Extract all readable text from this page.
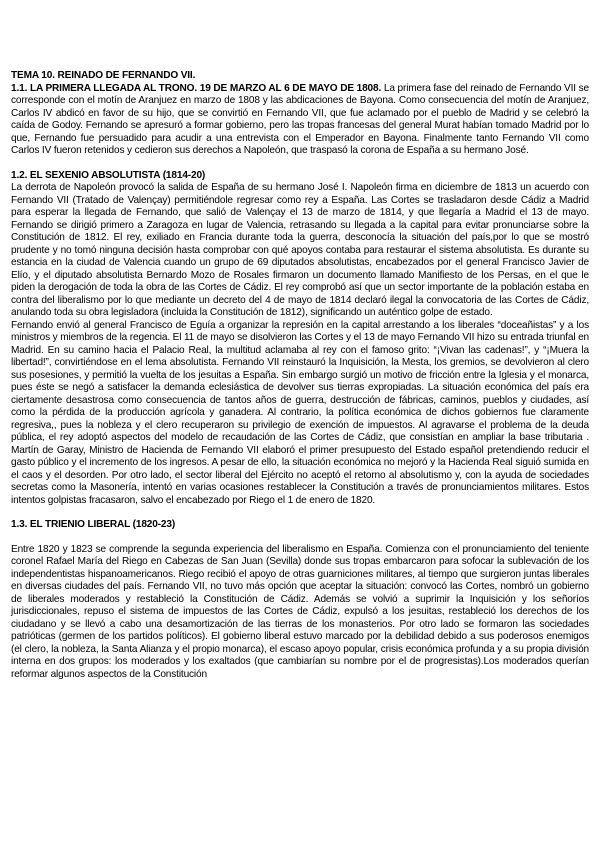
TEMA 10. REINADO DE FERNANDO VII.

1.1. LA PRIMERA LLEGADA AL TRONO. 19 DE MARZO AL 6 DE MAYO DE 1808. La primera fase del reinado de Fernando VII se corresponde con el motín de Aranjuez en marzo de 1808 y las abdicaciones de Bayona. Como consecuencia del motín de Aranjuez, Carlos IV abdicó en favor de su hijo, que se convirtió en Fernando VII, que fue aclamado por el pueblo de Madrid y se celebró la caída de Godoy. Fernando se apresuró a formar gobierno, pero las tropas francesas del general Murat habían tomado Madrid por lo que, Fernando fue persuadido para acudir a una entrevista con el Emperador en Bayona. Finalmente tanto Fernando VII como Carlos IV fueron retenidos y cedieron sus derechos a Napoleón, que traspasó la corona de España a su hermano José.

1.2. EL SEXENIO ABSOLUTISTA (1814-20)

La derrota de Napoleón provocó la salida de España de su hermano José I. Napoleón firma en diciembre de 1813 un acuerdo con Fernando VII (Tratado de Valençay) permitiéndole regresar como rey a España. Las Cortes se trasladaron desde Cádiz a Madrid para esperar la llegada de Fernando, que salió de Valençay el 13 de marzo de 1814, y que llegaría a Madrid el 13 de mayo. Fernando se dirigió primero a Zaragoza en lugar de Valencia, retrasando su llegada a la capital para evitar pronunciarse sobre la Constitución de 1812. El rey, exiliado en Francia durante toda la guerra, desconocía la situación del país,por lo que se mostró prudente y no tomó ninguna decisión hasta comprobar con qué apoyos contaba para restaurar el sistema absolutista. Es durante su estancia en la ciudad de Valencia cuando un grupo de 69 diputados absolutistas, encabezados por el general Francisco Javier de Elío, y el diputado absolutista Bernardo Mozo de Rosales firmaron un documento llamado Manifiesto de los Persas, en el que le piden la derogación de toda la obra de las Cortes de Cádiz. El rey comprobó así que un sector importante de la población estaba en contra del liberalismo por lo que mediante un decreto del 4 de mayo de 1814 declaró ilegal la convocatoria de las Cortes de Cádiz, anulando toda su obra legisladora (incluida la Constitución de 1812), significando un auténtico golpe de estado.

Fernando envió al general Francisco de Eguía a organizar la represión en la capital arrestando a los liberales “doceañistas” y a los ministros y miembros de la regencia. El 11 de mayo se disolvieron las Cortes y el 13 de mayo Fernando VII hizo su entrada triunfal en Madrid. En su camino hacia el Palacio Real, la multitud aclamaba al rey con el famoso grito: “¡Vivan las cadenas!”, y “¡Muera la libertad!”, convirtiéndose en el lema absolutista. Fernando VII reinstauró la Inquisición, la Mesta, los gremios, se devolvieron al clero sus posesiones, y permitió la vuelta de los jesuitas a España. Sin embargo surgió un motivo de fricción entre la Iglesia y el monarca, pues éste se negó a satisfacer la demanda eclesiástica de devolver sus tierras expropiadas. La situación económica del país era ciertamente desastrosa como consecuencia de tantos años de guerra, destrucción de fábricas, caminos, pueblos y ciudades, así como la pérdida de la producción agrícola y ganadera. Al contrario, la política económica de dichos gobiernos fue claramente regresiva,, pues la nobleza y el clero recuperaron su privilegio de exención de impuestos. Al agravarse el problema de la deuda pública, el rey adoptó aspectos del modelo de recaudación de las Cortes de Cádiz, que consistían en ampliar la base tributaria . Martín de Garay, Ministro de Hacienda de Fernando VII elaboró el primer presupuesto del Estado español pretendiendo reducir el gasto público y el incremento de los ingresos. A pesar de ello, la situación económica no mejoró y la Hacienda Real siguió sumida en el caos y el desorden. Por otro lado, el sector liberal del Ejército no aceptó el retorno al absolutismo y, con la ayuda de sociedades secretas como la Masonería, intentó en varias ocasiones restablecer la Constitución a través de pronunciamientos militares. Estos intentos golpistas fracasaron, salvo el encabezado por Riego el 1 de enero de 1820.

1.3. EL TRIENIO LIBERAL (1820-23)

Entre 1820 y 1823 se comprende la segunda experiencia del liberalismo en España. Comienza con el pronunciamiento del teniente coronel Rafael María del Riego en Cabezas de San Juan (Sevilla) donde sus tropas embarcaron para sofocar la sublevación de los independentistas hispanoamericanos. Riego recibió el apoyo de otras guarniciones militares, al tiempo que surgieron juntas liberales en diversas ciudades del país. Fernando VII, no tuvo más opción que aceptar la situación: convocó las Cortes, nombró un gobierno de liberales moderados y restableció la Constitución de Cádiz. Además se volvió a suprimir la Inquisición y los señoríos jurisdiccionales, repuso el sistema de impuestos de las Cortes de Cádiz, expulsó a los jesuitas, restableció los derechos de los ciudadano y se llevó a cabo una desamortización de las tierras de los monasterios. Por otro lado se formaron las sociedades patrióticas (germen de los partidos políticos). El gobierno liberal estuvo marcado por la debilidad debido a sus poderosos enemigos (el clero, la nobleza, la Santa Alianza y el propio monarca), el escaso apoyo popular, crisis económica profunda y a su propia división interna en dos grupos: los moderados y los exaltados (que cambiarían su nombre por el de progresistas).Los moderados querían reformar algunos aspectos de la Constitución
